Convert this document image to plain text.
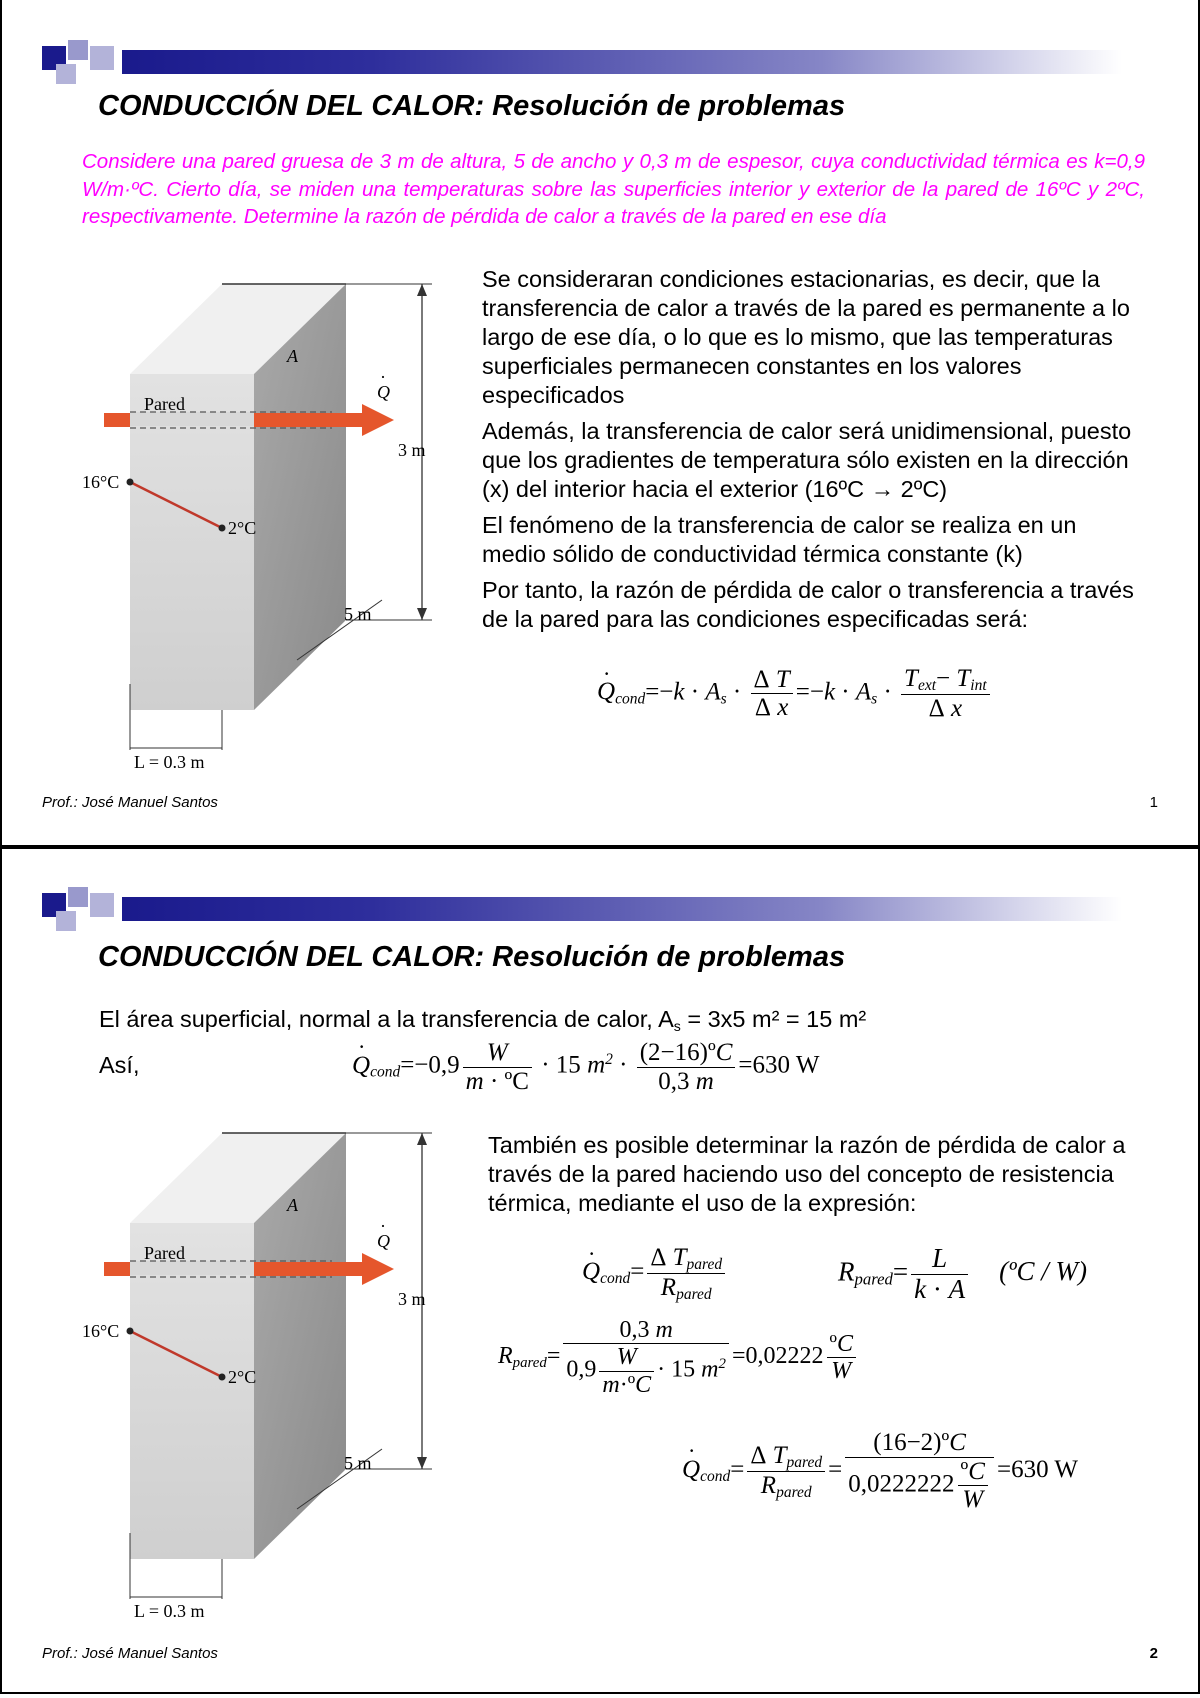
CONDUCCIÓN DEL CALOR: Resolución de problemas

Considere una pared gruesa de 3 m de altura, 5 de ancho y 0,3 m de espesor, cuya conductividad térmica es k=0,9 W/m·ºC. Cierto día, se miden una temperaturas sobre las superficies interior y exterior de la pared de 16ºC y 2ºC, respectivamente. Determine la razón de pérdida de calor a través de la pared en ese día

Pared
A
Q
·
3 m
16°C
2°C
5 m
L = 0.3 m

Se consideraran condiciones estacionarias, es decir, que la transferencia de calor a través de la pared es permanente a lo largo de ese día, o lo que es lo mismo, que las temperaturas superficiales permanecen constantes en los valores especificados

Además, la transferencia de calor será unidimensional, puesto que los gradientes de temperatura sólo existen en la dirección (x) del interior hacia el exterior (16ºC → 2ºC)

El fenómeno de la transferencia de calor se realiza en un medio sólido de conductividad térmica constante (k)

Por tanto, la razón de pérdida de calor o transferencia a través de la pared para las condiciones especificadas será:

˙ $Q_{cond}=-k \cdot A_s \cdot \frac{\text{Δ T}}{\text{Δ x}} =-k \cdot A_s \cdot \frac{T_{ext}- T_{int}}{\text{Δ x}}$
Prof.: José Manuel Santos	1
CONDUCCIÓN DEL CALOR: Resolución de problemas
El área superficial, normal a la transferencia de calor, As = 3x5 m² = 15 m²
Así,
˙	$Q_{cond}=-0,9 \frac{W}{\text{m · ºC}} \cdot 15$ $m^2 \cdot \frac{\text{(2−16)ºC}}{0,3 m} =630$ W
Pared
A
Q
·
3 m
16°C
2°C
5 m
L = 0.3 m
También es posible determinar la razón de pérdida de calor a través de la pared haciendo uso del concepto de resistencia térmica, mediante el uso de la expresión:
˙ $Q_{cond}= \frac{\Delta T_{pared}}{R_{pared}}$	$R_{pared}= \frac{L}{k \cdot A}$ (ºC / W)
$R_{pared}= \frac{0,3 m}{0,9 \frac{W}{\text{m·ºC}} \cdot 15 m^2} =0,02222 \frac{\text{ºC}}{W}$
˙ $Q_{cond}= \frac{\Delta T_{pared}}{R_{pared}} = \frac{\text{(16−2)ºC}}{0,0222222 \frac{\text{ºC}}{W}} =630$ W
Prof.: José Manuel Santos	2
